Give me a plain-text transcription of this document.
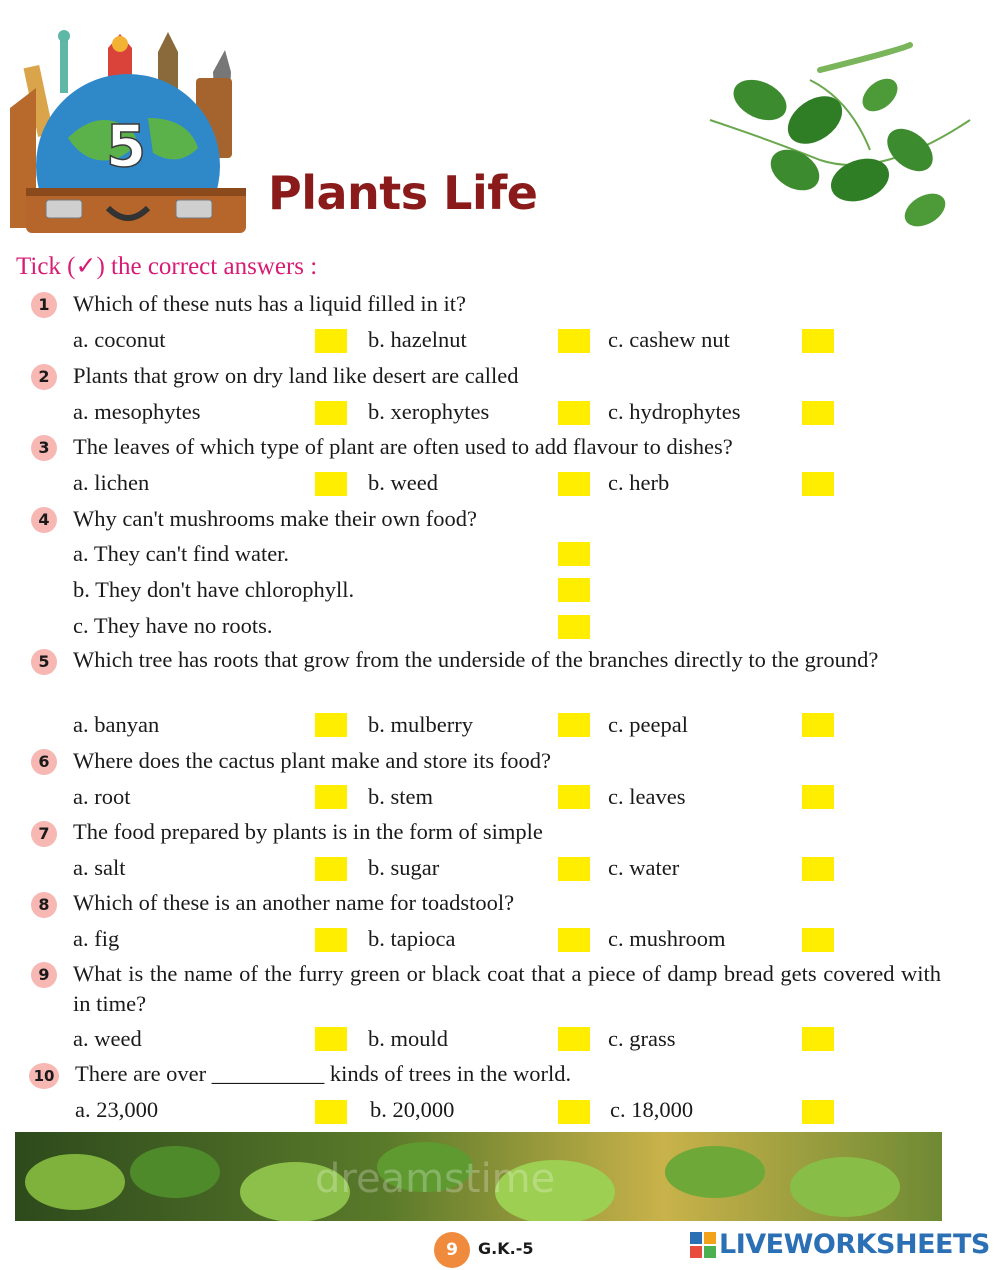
5
Plants Life
Tick (✓) the correct answers :
1	Which of these nuts has a liquid filled in it?
a. coconut	b. hazelnut	c. cashew nut
2	Plants that grow on dry land like desert are called
a. mesophytes	b. xerophytes	c. hydrophytes
3	The leaves of which type of plant are often used to add flavour to dishes?
a. lichen	b. weed	c. herb
4	Why can't mushrooms make their own food?
a. They can't find water.
b. They don't have chlorophyll.
c. They have no roots.
5	Which tree has roots that grow from the underside of the branches directly to the ground?
a. banyan	b. mulberry	c. peepal
6	Where does the cactus plant make and store its food?
a. root	b. stem	c. leaves
7	The food prepared by plants is in the form of simple
a. salt	b. sugar	c. water
8	Which of these is an another name for toadstool?
a. fig	b. tapioca	c. mushroom
9	What is the name of the furry green or black coat that a piece of damp bread gets covered with in time?
a. weed	b. mould	c. grass
10 There are over __________ kinds of trees in the world.
a. 23,000	b. 20,000	c. 18,000
dreamstime
9	G.K.-5	LIVEWORKSHEETS
